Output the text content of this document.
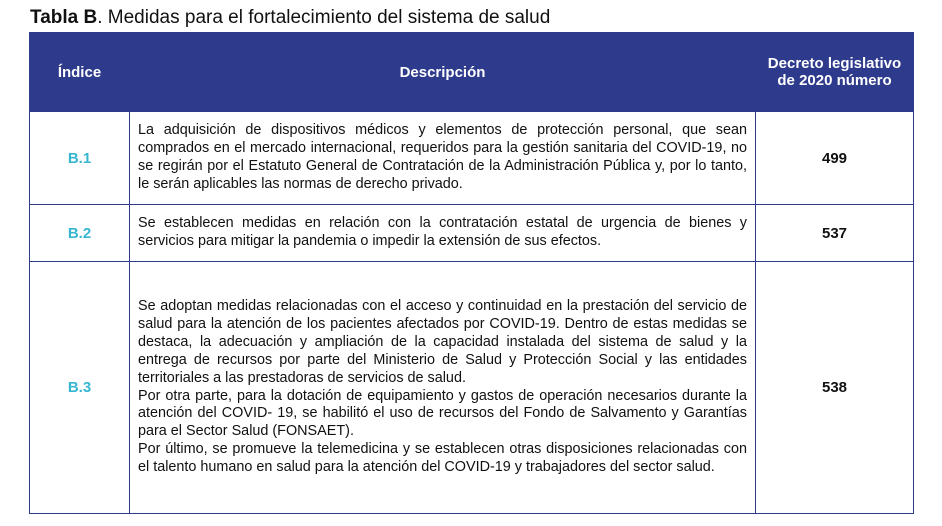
Tabla B. Medidas para el fortalecimiento del sistema de salud
Índice	Descripción	Decreto legislativo de 2020 número
B.1	La adquisición de dispositivos médicos y elementos de protección personal, que sean comprados en el mercado internacional, requeridos para la gestión sanitaria del COVID-19, no se regirán por el Estatuto General de Contratación de la Administración Pública y, por lo tanto, le serán aplicables las normas de derecho privado.	499
B.2	Se establecen medidas en relación con la contratación estatal de urgencia de bienes y servicios para mitigar la pandemia o impedir la extensión de sus efectos.	537
B.3	Se adoptan medidas relacionadas con el acceso y continuidad en la prestación del servicio de salud para la atención de los pacientes afectados por COVID-19. Dentro de estas medidas se destaca, la adecuación y ampliación de la capacidad instalada del sistema de salud y la entrega de recursos por parte del Ministerio de Salud y Protección Social y las entidades territoriales a las prestadoras de servicios de salud.

Por otra parte, para la dotación de equipamiento y gastos de operación necesarios durante la atención del COVID- 19, se habilitó el uso de recursos del Fondo de Salvamento y Garantías para el Sector Salud (FONSAET).

Por último, se promueve la telemedicina y se establecen otras disposiciones relacionadas con el talento humano en salud para la atención del COVID-19 y trabajadores del sector salud.	538
